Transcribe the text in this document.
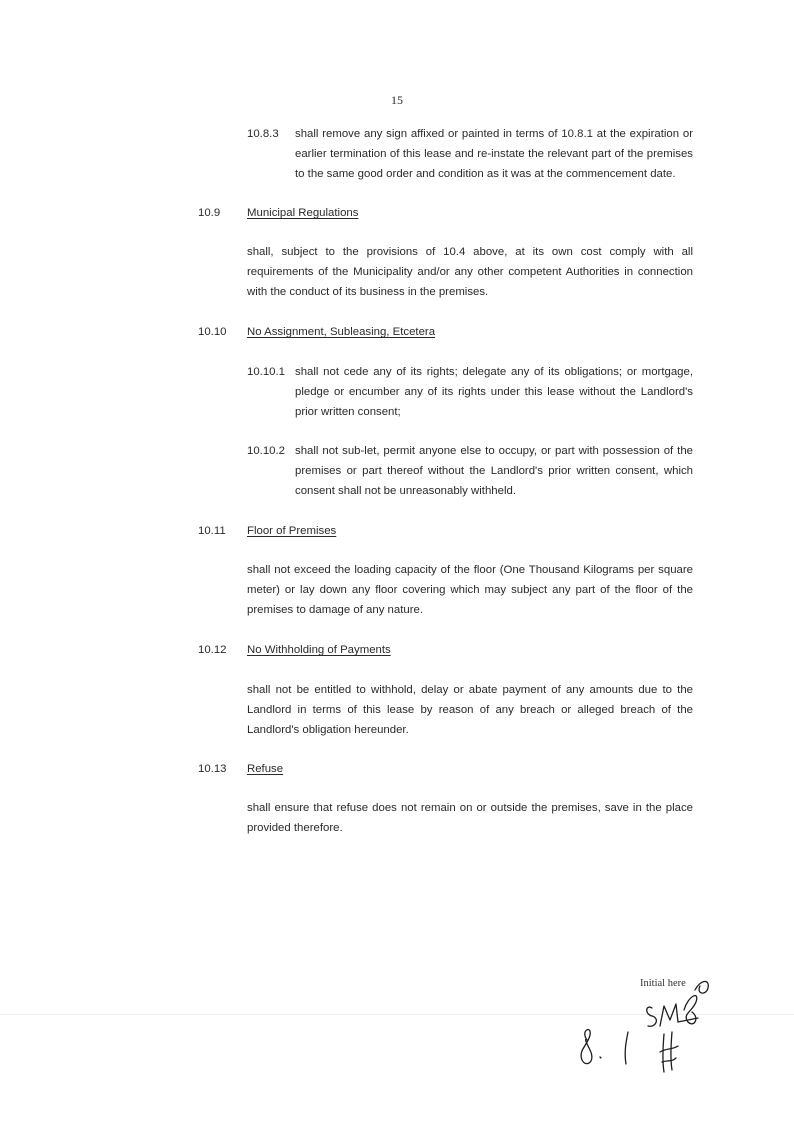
15
10.8.3 shall remove any sign affixed or painted in terms of 10.8.1 at the expiration or earlier termination of this lease and re-instate the relevant part of the premises to the same good order and condition as it was at the commencement date.

10.9 Municipal Regulations

shall, subject to the provisions of 10.4 above, at its own cost comply with all requirements of the Municipality and/or any other competent Authorities in connection with the conduct of its business in the premises.

10.10 No Assignment, Subleasing, Etcetera
10.10.1 shall not cede any of its rights; delegate any of its obligations; or mortgage, pledge or encumber any of its rights under this lease without the Landlord's prior written consent;

10.10.2 shall not sub-let, permit anyone else to occupy, or part with possession of the premises or part thereof without the Landlord's prior written consent, which consent shall not be unreasonably withheld.

10.11 Floor of Premises

shall not exceed the loading capacity of the floor (One Thousand Kilograms per square meter) or lay down any floor covering which may subject any part of the floor of the premises to damage of any nature.

10.12 No Withholding of Payments

shall not be entitled to withhold, delay or abate payment of any amounts due to the Landlord in terms of this lease by reason of any breach or alleged breach of the Landlord's obligation hereunder.

10.13 Refuse

shall ensure that refuse does not remain on or outside the premises, save in the place provided therefore.

Initial here
